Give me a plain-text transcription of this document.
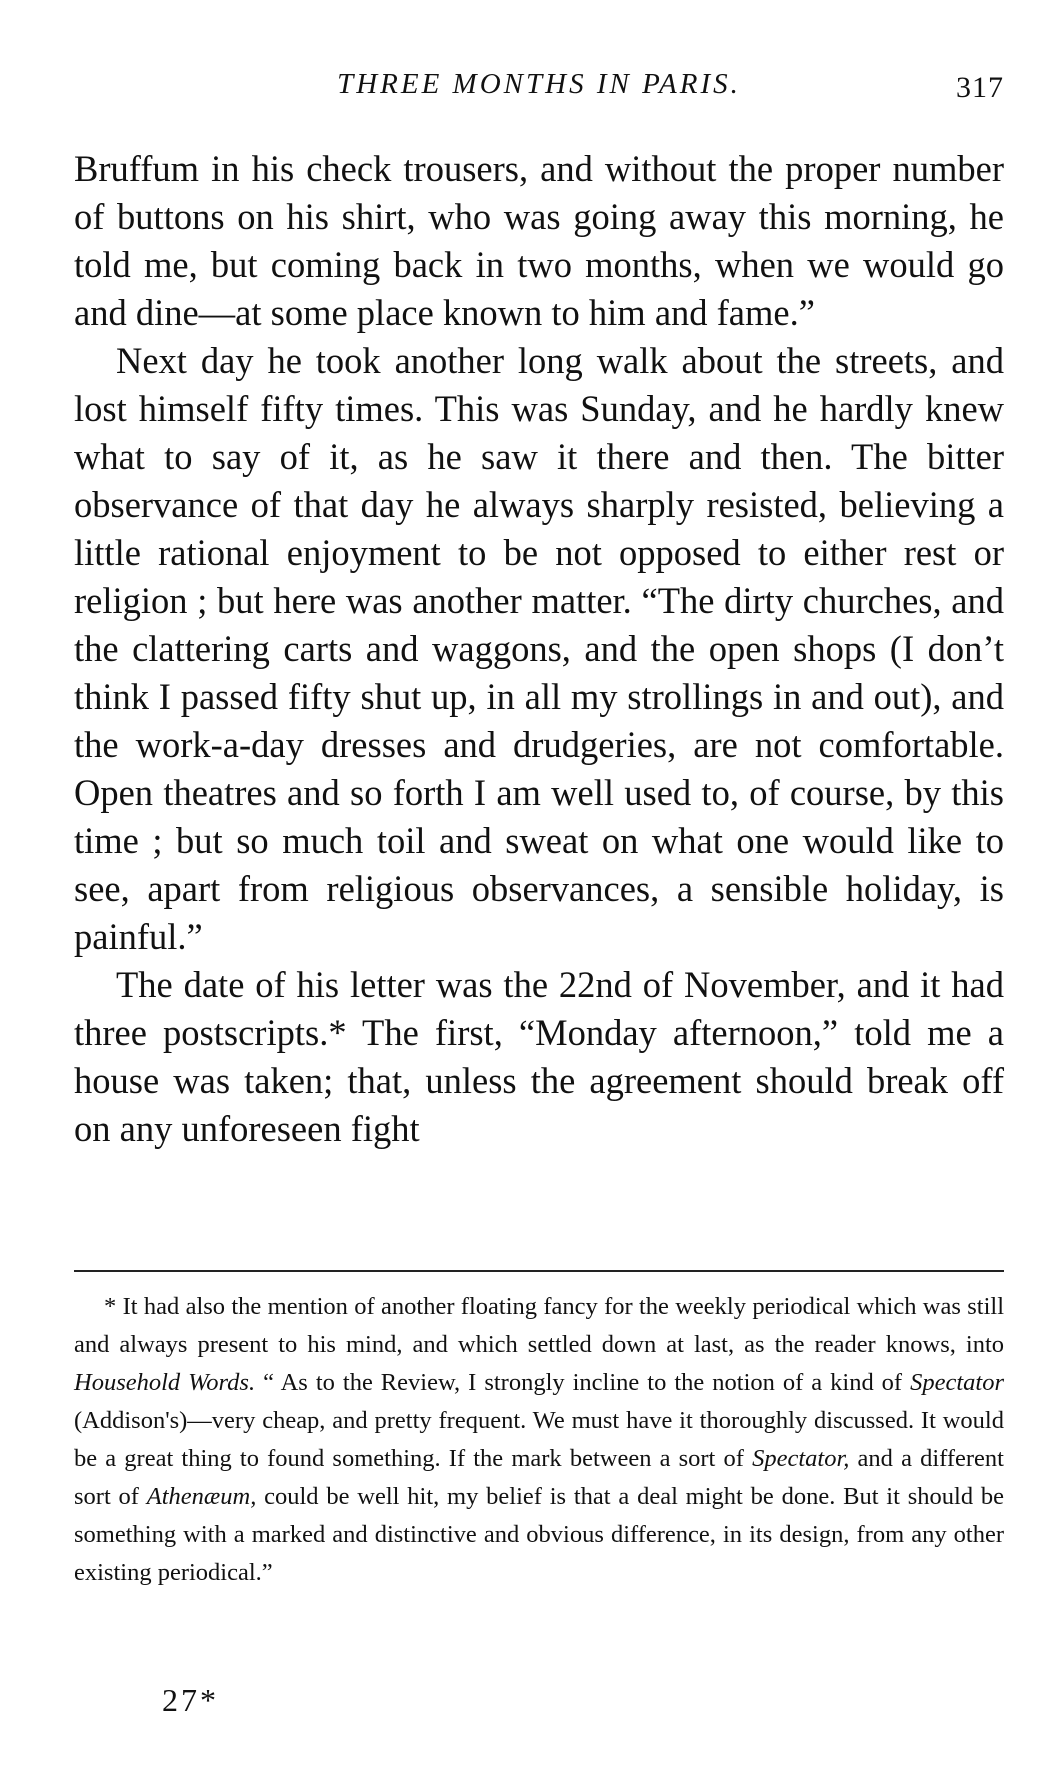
THREE MONTHS IN PARIS.	317

Bruffum in his check trousers, and without the proper number of buttons on his shirt, who was going away this morning, he told me, but coming back in two months, when we would go and dine—at some place known to him and fame.”

Next day he took another long walk about the streets, and lost himself fifty times. This was Sunday, and he hardly knew what to say of it, as he saw it there and then. The bitter observance of that day he always sharply resisted, believing a little rational enjoyment to be not opposed to either rest or religion ; but here was another matter. “The dirty churches, and the clattering carts and waggons, and the open shops (I don’t think I passed fifty shut up, in all my strollings in and out), and the work-a-day dresses and drudgeries, are not comfortable. Open theatres and so forth I am well used to, of course, by this time ; but so much toil and sweat on what one would like to see, apart from religious observances, a sensible holiday, is painful.”

The date of his letter was the 22nd of November, and it had three postscripts.* The first, “Monday afternoon,” told me a house was taken; that, unless the agreement should break off on any unforeseen fight

* It had also the mention of another floating fancy for the weekly periodical which was still and always present to his mind, and which settled down at last, as the reader knows, into Household Words. “ As to the Review, I strongly incline to the notion of a kind of Spectator (Addison's)—very cheap, and pretty frequent. We must have it thoroughly discussed. It would be a great thing to found something. If the mark between a sort of Spectator, and a different sort of Athenæum, could be well hit, my belief is that a deal might be done. But it should be something with a marked and distinctive and obvious difference, in its design, from any other existing periodical.”

27*
